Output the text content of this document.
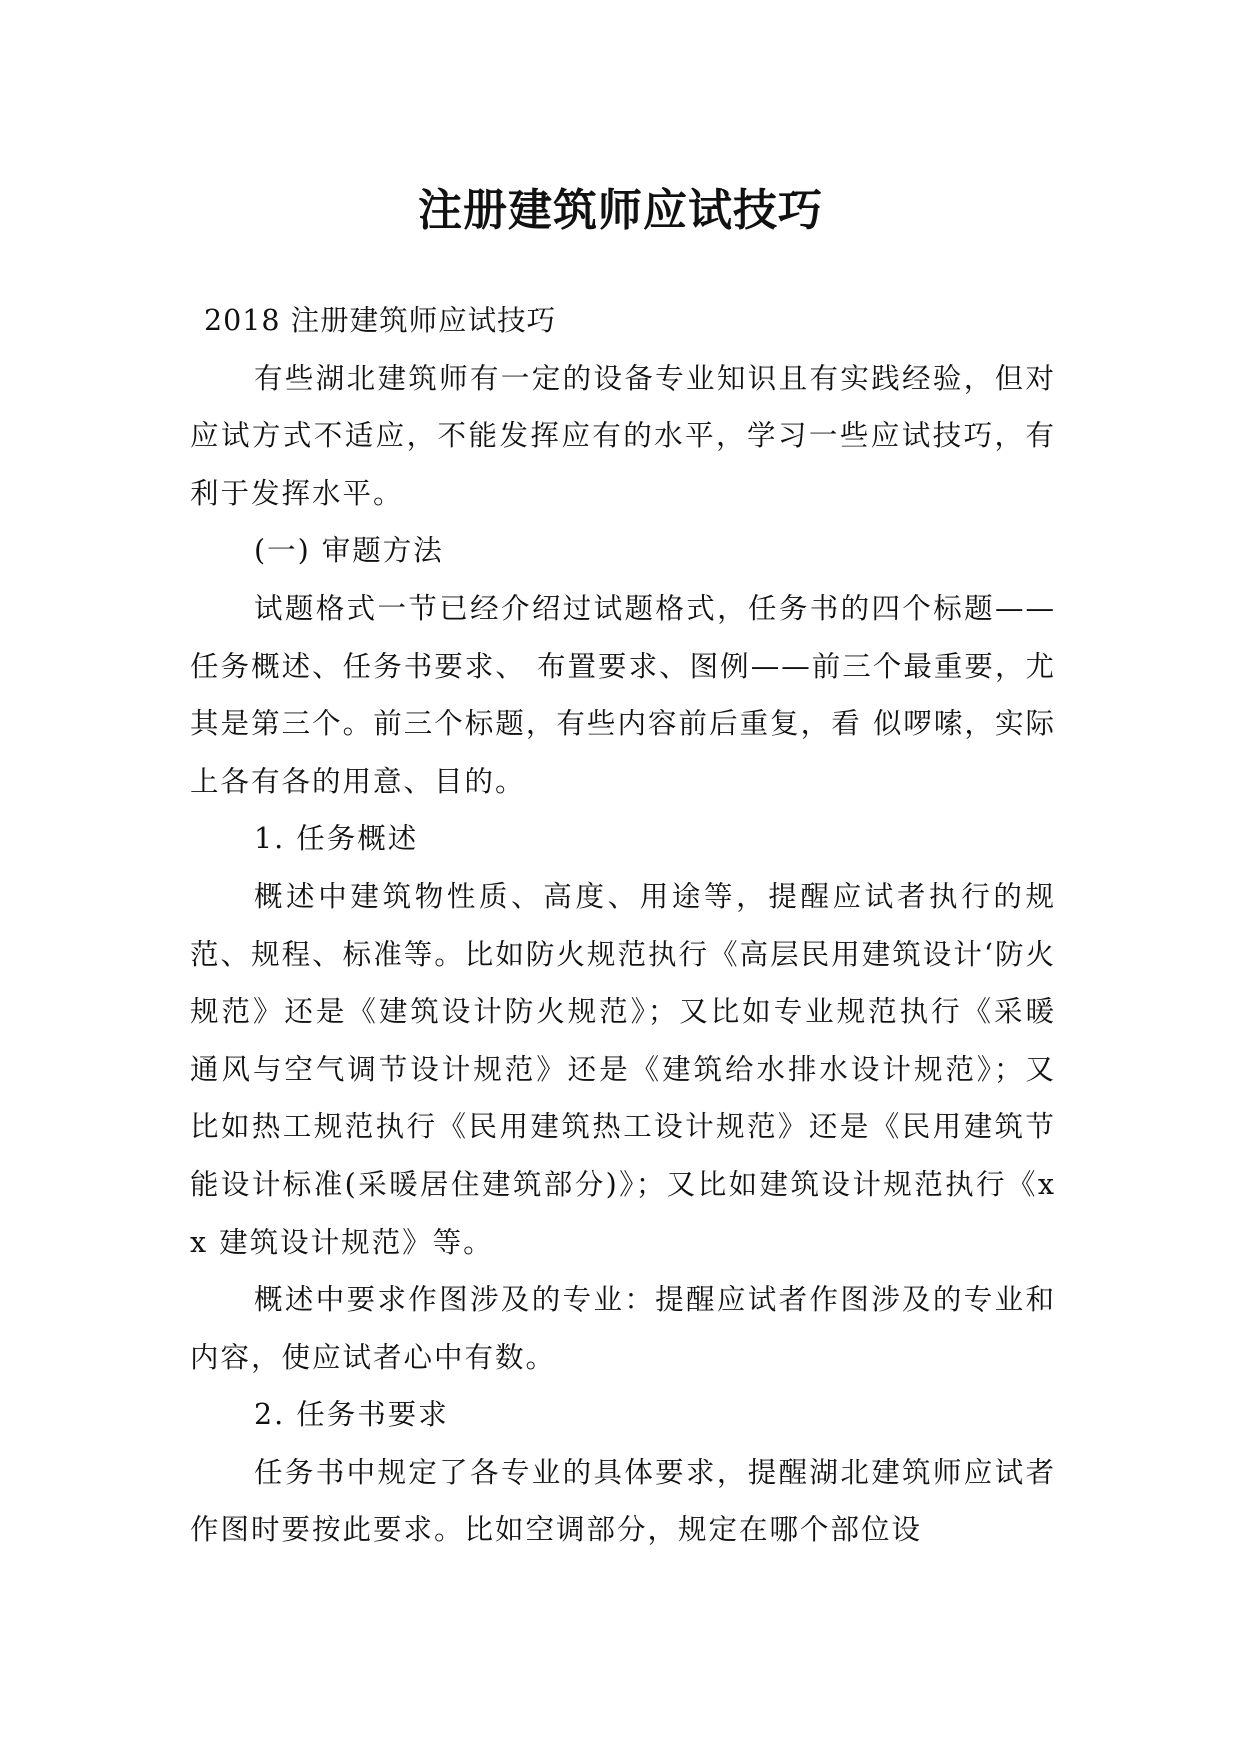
注册建筑师应试技巧

2018 注册建筑师应试技巧

有些湖北建筑师有一定的设备专业知识且有实践经验，但对应试方式不适应，不能发挥应有的水平，学习一些应试技巧，有利于发挥水平。

(一) 审题方法

试题格式一节已经介绍过试题格式，任务书的四个标题——任务概述、任务书要求、 布置要求、图例——前三个最重要，尤其是第三个。前三个标题，有些内容前后重复，看 似啰嗦，实际上各有各的用意、目的。

1. 任务概述

概述中建筑物性质、高度、用途等，提醒应试者执行的规范、规程、标准等。比如防火规范执行《高层民用建筑设计‘防火规范》还是《建筑设计防火规范》；又比如专业规范执行《采暖通风与空气调节设计规范》还是《建筑给水排水设计规范》；又比如热工规范执行《民用建筑热工设计规范》还是《民用建筑节能设计标准(采暖居住建筑部分)》；又比如建筑设计规范执行《x x 建筑设计规范》等。

概述中要求作图涉及的专业：提醒应试者作图涉及的专业和内容，使应试者心中有数。

2. 任务书要求

任务书中规定了各专业的具体要求，提醒湖北建筑师应试者作图时要按此要求。比如空调部分，规定在哪个部位设
